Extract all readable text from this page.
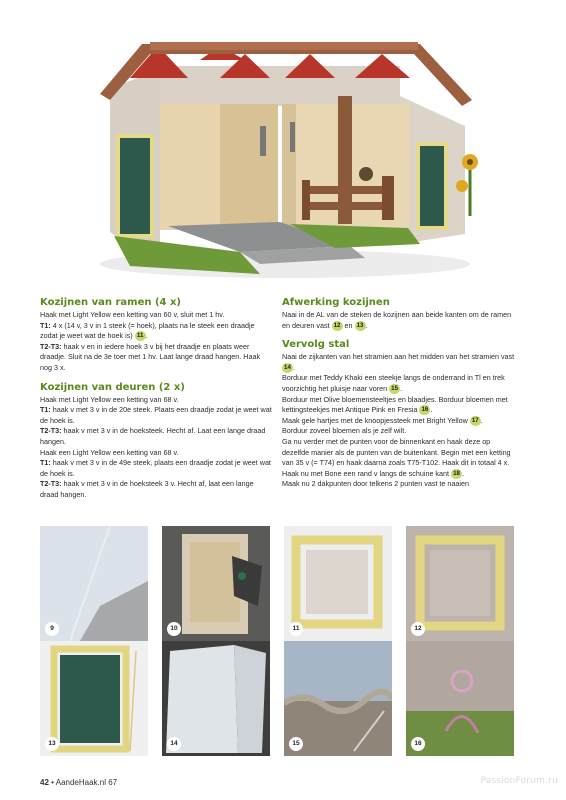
Kozijnen van ramen (4 x)

Haak met Light Yellow een ketting van 60 v, sluit met 1 hv.

T1: 4 x (14 v, 3 v in 1 steek (= hoek), plaats na le steek een draadje zodat je weet wat de hoek is) 11 .

T2-T3: haak v en in iedere hoek 3 v bij het draadje en plaats weer draadje. Sluit na de 3e toer met 1 hv. Laat lange draad hangen. Haak nog 3 x.

Kozijnen van deuren (2 x)

Haak met Light Yellow een ketting van 68 v.

T1: haak v met 3 v in de 20e steek. Plaats een draadje zodat je weet wat de hoek is.

T2-T3: haak v met 3 v in de hoeksteek. Hecht af. Laat een lange draad hangen.

Haak een Light Yellow een ketting van 68 v.

T1: haak v met 3 v in de 49e steek, plaats een draadje zodat je weet wat de hoek is.

T2-T3: haak v met 3 v in de hoeksteek 3 v. Hecht af, laat een lange draad hangen.

Afwerking kozijnen

Naai in de AL van de steken de kozijnen aan beide kanten om de ramen en deuren vast 12 en 13 .

Vervolg stal

Naai de zijkanten van het stramien aan het midden van het stramien vast 14 .

Borduur met Teddy Khaki een steekje langs de onderrand in Tl en trek voorzichtig het pluisje naar voren 15 .

Borduur met Olive bloemensteeltjes en blaadjes. Borduur bloemen met kettingsteekjes met Antique Pink en Fresia 16 .

Maak gele hartjes met de knoopjessteek met Bright Yellow 17 .

Borduur zoveel bloemen als je zelf wilt.

Ga nu verder met de punten voor de binnenkant en haak deze op dezelfde manier als de punten van de buitenkant. Begin met een ketting van 35 v (= T74) en haak daarna zoals T75-T102. Haak dit in totaal 4 x.

Haak nu met Bone een rand v langs de schuine kant 18 .

Maak nu 2 dakpunten door telkens 2 punten vast te naaien

9	10	11	12
13	14	15	16
42 • AandeHaak.nl 67	PassionForum.ru
